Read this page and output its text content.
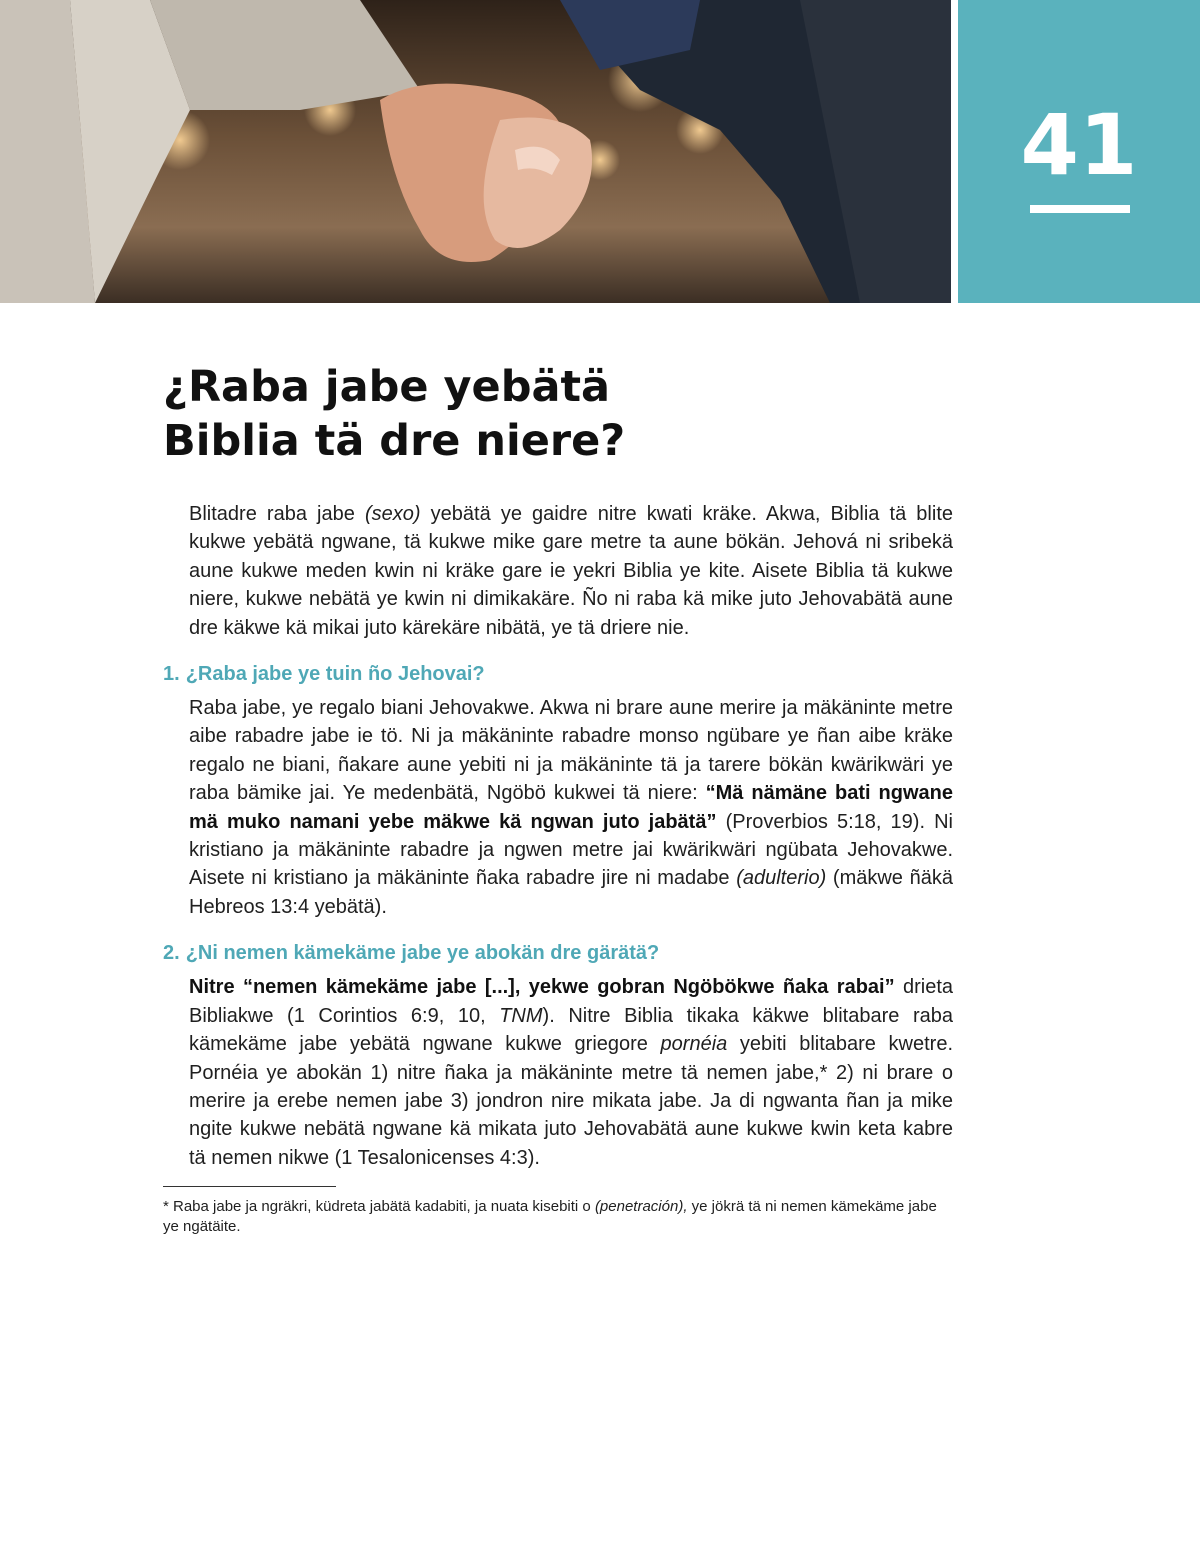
41
¿Raba jabe yebätä
Biblia tä dre niere?

Blitadre raba jabe (sexo) yebätä ye gaidre nitre kwati kräke. Akwa, Biblia tä blite kukwe yebätä ngwane, tä kukwe mike gare metre ta aune bökän. Jehová ni sribekä aune kukwe meden kwin ni kräke gare ie yekri Biblia ye kite. Aisete Biblia tä kukwe niere, kukwe nebätä ye kwin ni dimikakäre. Ño ni raba kä mike juto Jehovabätä aune dre käkwe kä mikai juto kärekäre nibätä, ye tä driere nie.

1. ¿Raba jabe ye tuin ño Jehovai?

Raba jabe, ye regalo biani Jehovakwe. Akwa ni brare aune merire ja mäkäninte metre aibe rabadre jabe ie tö. Ni ja mäkäninte rabadre monso ngübare ye ñan aibe kräke regalo ne biani, ñakare aune yebiti ni ja mäkäninte tä ja tarere bökän kwärikwäri ye raba bämike jai. Ye medenbätä, Ngöbö kukwei tä niere: “Mä nämäne bati ngwane mä muko namani yebe mäkwe kä ngwan juto jabätä” (Proverbios 5:18, 19). Ni kristiano ja mäkäninte rabadre ja ngwen metre jai kwärikwäri ngübata Jehovakwe. Aisete ni kristiano ja mäkäninte ñaka rabadre jire ni madabe (adulterio) (mäkwe ñäkä Hebreos 13:4 yebätä).

2. ¿Ni nemen kämekäme jabe ye abokän dre gärätä?

Nitre “nemen kämekäme jabe [...], yekwe gobran Ngöbökwe ñaka rabai” drieta Bibliakwe (1 Corintios 6:9, 10, TNM). Nitre Biblia tikaka käkwe blitabare raba kämekäme jabe yebätä ngwane kukwe griegore pornéia yebiti blitabare kwetre. Pornéia ye abokän 1) nitre ñaka ja mäkäninte metre tä nemen jabe,* 2) ni brare o merire ja erebe nemen jabe 3) jondron nire mikata jabe. Ja di ngwanta ñan ja mike ngite kukwe nebätä ngwane kä mikata juto Jehovabätä aune kukwe kwin keta kabre tä nemen nikwe (1 Tesalonicenses 4:3).

* Raba jabe ja ngräkri, küdreta jabätä kadabiti, ja nuata kisebiti o (penetración), ye jökrä tä ni nemen kämekäme jabe ye ngätäite.
